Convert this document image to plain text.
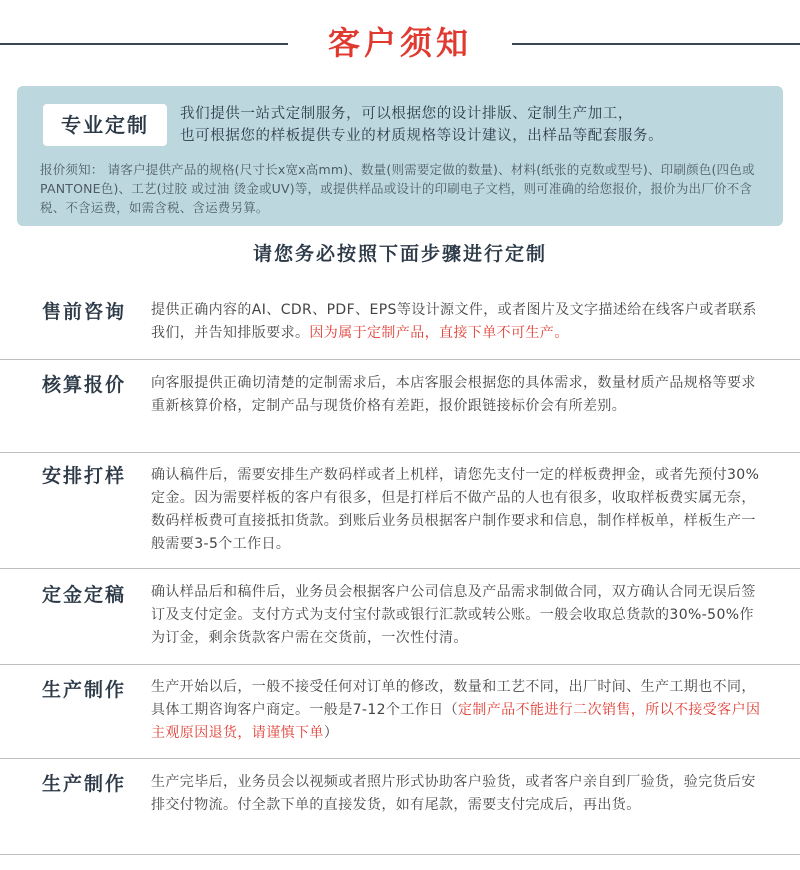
客户须知
专业定制	我们提供一站式定制服务，可以根据您的设计排版、定制生产加工，
也可根据您的样板提供专业的材质规格等设计建议，出样品等配套服务。
报价须知： 请客户提供产品的规格(尺寸长x宽x高mm)、数量(则需要定做的数量)、材料(纸张的克数或型号)、印刷颜色(四色或PANTONE色)、工艺(过胶 或过油 烫金或UV)等，或提供样品或设计的印刷电子文档，则可准确的给您报价，报价为出厂价不含税、不含运费，如需含税、含运费另算。
请您务必按照下面步骤进行定制
售前咨询 提供正确内容的AI、CDR、PDF、EPS等设计源文件，或者图片及文字描述给在线客户或者联系我们，并告知排版要求。因为属于定制产品，直接下单不可生产。
核算报价 向客服提供正确切清楚的定制需求后，本店客服会根据您的具体需求，数量材质产品规格等要求重新核算价格，定制产品与现货价格有差距，报价跟链接标价会有所差别。
安排打样 确认稿件后，需要安排生产数码样或者上机样，请您先支付一定的样板费押金，或者先预付30%定金。因为需要样板的客户有很多，但是打样后不做产品的人也有很多，收取样板费实属无奈，数码样板费可直接抵扣货款。到账后业务员根据客户制作要求和信息，制作样板单，样板生产一般需要3-5个工作日。
定金定稿 确认样品后和稿件后，业务员会根据客户公司信息及产品需求制做合同，双方确认合同无误后签订及支付定金。支付方式为支付宝付款或银行汇款或转公账。一般会收取总货款的30%-50%作为订金，剩余货款客户需在交货前，一次性付清。
生产制作 生产开始以后，一般不接受任何对订单的修改，数量和工艺不同，出厂时间、生产工期也不同，具体工期咨询客户商定。一般是7-12个工作日（定制产品不能进行二次销售，所以不接受客户因主观原因退货，请谨慎下单）
生产制作 生产完毕后，业务员会以视频或者照片形式协助客户验货，或者客户亲自到厂验货，验完货后安排交付物流。付全款下单的直接发货，如有尾款，需要支付完成后，再出货。
